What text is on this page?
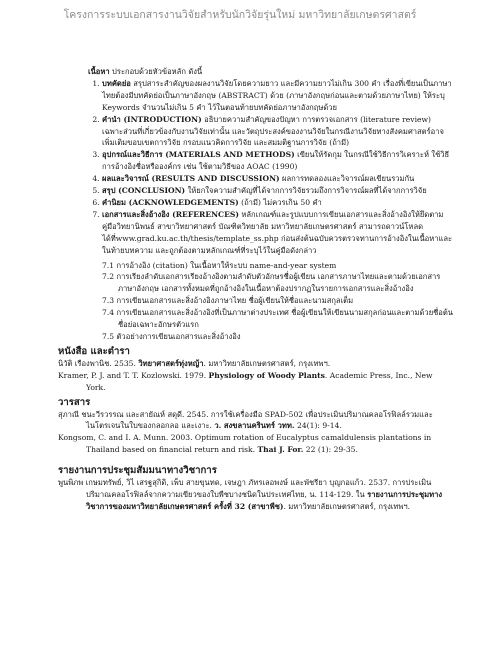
โครงการระบบเอกสารงานวิจัยสำหรับนักวิจัยรุ่นใหม่ มหาวิทยาลัยเกษตรศาสตร์
เนื้อหา ประกอบด้วยหัวข้อหลัก ดังนี้
1. บทคัดย่อ สรุปสาระสำคัญของผลงานวิจัยโดยความยาว และมีความยาวไม่เกิน 300 คำ เรื่องที่เขียนเป็นภาษาไทยต้องมีบทคัดย่อเป็นภาษาอังกฤษ (ABSTRACT) ด้วย (ภาษาอังกฤษก่อนและตามด้วยภาษาไทย) ให้ระบุ Keywords จำนวนไม่เกิน 5 คำ ไว้ในตอนท้ายบทคัดย่อภาษาอังกฤษด้วย
2. คำนำ (INTRODUCTION) อธิบายความสำคัญของปัญหา การตรวจเอกสาร (literature review) เฉพาะส่วนที่เกี่ยวข้องกับงานวิจัยเท่านั้น และวัตถุประสงค์ของงานวิจัยในกรณีงานวิจัยทางสังคมศาสตร์อาจเพิ่มเติมขอบเขตการวิจัย กรอบแนวคิดการวิจัย และสมมติฐานการวิจัย (ถ้ามี)
3. อุปกรณ์และวิธีการ (MATERIALS AND METHODS) เขียนให้รัดกุม ในกรณีใช้วิธีการวิเคราะห์ ใช้วิธีการอ้างอิงชื่อหรือองค์กร เช่น ใช้ตามวิธีของ AOAC (1990)
4. ผลและวิจารณ์ (RESULTS AND DISCUSSION) ผลการทดลองและวิจารณ์ผลเขียนรวมกัน
5. สรุป (CONCLUSION) ให้ยกใจความสำคัญที่ได้จากการวิจัยรวมถึงการวิจารณ์ผลที่ได้จากการวิจัย
6. คำนิยม (ACKNOWLEDGEMENTS) (ถ้ามี) ไม่ควรเกิน 50 คำ
7. เอกสารและสิ่งอ้างอิง (REFERENCES) หลักเกณฑ์และรูปแบบการเขียนเอกสารและสิ่งอ้างอิงให้ยึดตามคู่มือวิทยานิพนธ์ สาขาวิทยาศาสตร์ บัณฑิตวิทยาลัย มหาวิทยาลัยเกษตรศาสตร์ สามารถดาวน์โหลดได้ที่www.grad.ku.ac.th/thesis/template_ss.php ก่อนส่งต้นฉบับควรตรวจทานการอ้างอิงในเนื้อหาและในท้ายบทความ และถูกต้องตามหลักเกณฑ์ที่ระบุไว้ในคู่มือดังกล่าว
7.1 การอ้างอิง (citation) ในเนื้อหาให้ระบบ name-and-year system
7.2 การเรียงลำดับเอกสารเรียงอ้างอิงตามลำดับตัวอักษรชื่อผู้เขียน เอกสารภาษาไทยและตามด้วยเอกสารภาษาอังกฤษ เอกสารทั้งหมดที่ถูกอ้างอิงในเนื้อหาต้องปรากฏในรายการเอกสารและสิ่งอ้างอิง
7.3 การเขียนเอกสารและสิ่งอ้างอิงภาษาไทย ชื่อผู้เขียนให้ชื่อและนามสกุลเต็ม
7.4 การเขียนเอกสารและสิ่งอ้างอิงที่เป็นภาษาต่างประเทศ ชื่อผู้เขียนให้เขียนนามสกุลก่อนและตามด้วยชื่อต้น ชื่อย่อเฉพาะอักษรตัวแรก
7.5 ตัวอย่างการเขียนเอกสารและสิ่งอ้างอิง
หนังสือ และตำรา

นิวัติ เรืองพานิช. 2535. วิทยาศาสตร์ทุ่งหญ้า. มหาวิทยาลัยเกษตรศาสตร์, กรุงเทพฯ.

Kramer, P. J. and T. T. Kozlowski. 1979. Physiology of Woody Plants. Academic Press, Inc., New York.

วารสาร

สุภาณี ชนะวีรวรรณ และสายัณห์ สดุดี. 2545. การใช้เครื่องมือ SPAD-502 เพื่อประเมินปริมาณคลอโรฟิลล์รวมและไนโตรเจนในใบของกลอกลอ และเงาะ. ว. สงขลานครินทร์ วทท. 24(1): 9-14.

Kongsom, C. and I. A. Munn. 2003. Optimum rotation of Eucalyptus camaldulensis plantations in Thailand based on financial return and risk. Thai J. For. 22 (1): 29-35.

รายงานการประชุมสัมมนาทางวิชาการ

พูนพิภพ เกษมทรัพย์, วิไ เสรฐสุกิดิ, เพ็บ สายขุนทด, เจษฎา ภัทรเลอพงษ์ และพัชรียา บุญกอแก้ว. 2537. การประเมินปริมาณคลอโรฟิลล์จากความเขียวของใบพืชบางชนิดในประเทศไทย, น. 114-129. ใน รายงานการประชุมทางวิชาการของมหาวิทยาลัยเกษตรศาสตร์ ครั้งที่ 32 (สาขาพืช). มหาวิทยาลัยเกษตรศาสตร์, กรุงเทพฯ.
